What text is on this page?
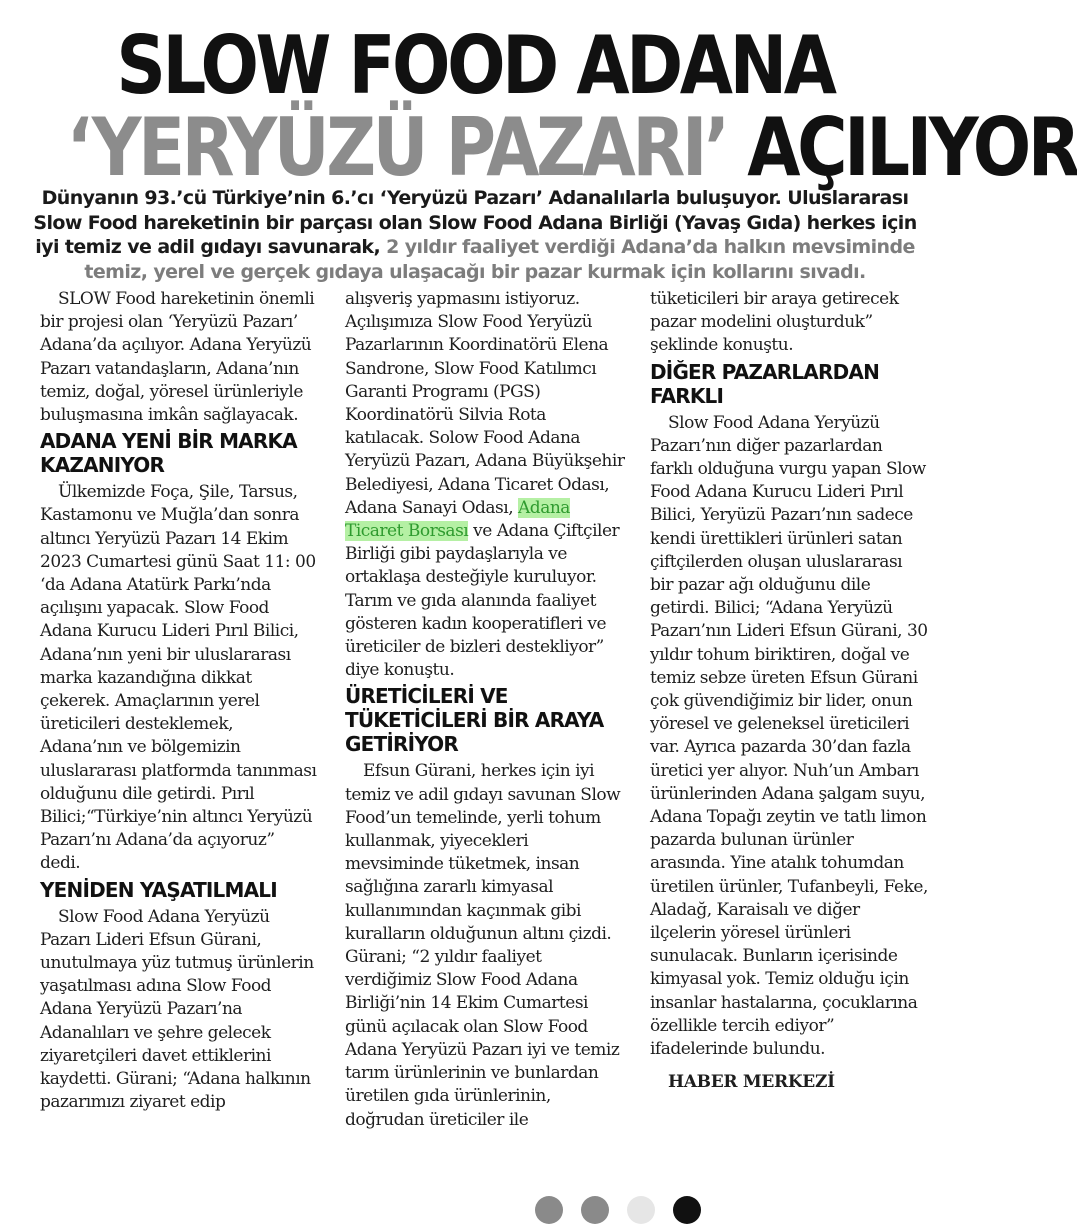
SLOW FOOD ADANA
‘YERYÜZÜ PAZARI’ AÇILIYOR
Dünyanın 93.’cü Türkiye’nin 6.’cı ‘Yeryüzü Pazarı’ Adanalılarla buluşuyor. Uluslararası Slow Food hareketinin bir parçası olan Slow Food Adana Birliği (Yavaş Gıda) herkes için iyi temiz ve adil gıdayı savunarak, 2 yıldır faaliyet verdiği Adana’da halkın mevsiminde temiz, yerel ve gerçek gıdaya ulaşacağı bir pazar kurmak için kollarını sıvadı.

SLOW Food hareketinin önemli bir projesi olan ‘Yeryüzü Pazarı’ Adana’da açılıyor. Adana Yeryüzü Pazarı vatandaşların, Adana’nın temiz, doğal, yöresel ürünleriyle buluşmasına imkân sağlayacak.

ADANA YENİ BİR MARKA KAZANIYOR

Ülkemizde Foça, Şile, Tarsus, Kastamonu ve Muğla’dan sonra altıncı Yeryüzü Pazarı 14 Ekim 2023 Cumartesi günü Saat 11: 00 ‘da Adana Atatürk Parkı’nda açılışını yapacak. Slow Food Adana Kurucu Lideri Pırıl Bilici, Adana’nın yeni bir uluslararası marka kazandığına dikkat çekerek. Amaçlarının yerel üreticileri desteklemek, Adana’nın ve bölgemizin uluslararası platformda tanınması olduğunu dile getirdi. Pırıl Bilici;“Türkiye’nin altıncı Yeryüzü Pazarı’nı Adana’da açıyoruz” dedi.

YENİDEN YAŞATILMALI

Slow Food Adana Yeryüzü Pazarı Lideri Efsun Gürani, unutulmaya yüz tutmuş ürünlerin yaşatılması adına Slow Food Adana Yeryüzü Pazarı’na Adanalıları ve şehre gelecek ziyaretçileri davet ettiklerini kaydetti. Gürani; “Adana halkının pazarımızı ziyaret edip

alışveriş yapmasını istiyoruz. Açılışımıza Slow Food Yeryüzü Pazarlarının Koordinatörü Elena Sandrone, Slow Food Katılımcı Garanti Programı (PGS) Koordinatörü Silvia Rota katılacak. Solow Food Adana Yeryüzü Pazarı, Adana Büyükşehir Belediyesi, Adana Ticaret Odası, Adana Sanayi Odası, Adana Ticaret Borsası ve Adana Çiftçiler Birliği gibi paydaşlarıyla ve ortaklaşa desteğiyle kuruluyor. Tarım ve gıda alanında faaliyet gösteren kadın kooperatifleri ve üreticiler de bizleri destekliyor” diye konuştu.

ÜRETİCİLERİ VE TÜKETİCİLERİ BİR ARAYA GETİRİYOR

Efsun Gürani, herkes için iyi temiz ve adil gıdayı savunan Slow Food’un temelinde, yerli tohum kullanmak, yiyecekleri mevsiminde tüketmek, insan sağlığına zararlı kimyasal kullanımından kaçınmak gibi kuralların olduğunun altını çizdi. Gürani; “2 yıldır faaliyet verdiğimiz Slow Food Adana Birliği’nin 14 Ekim Cumartesi günü açılacak olan Slow Food Adana Yeryüzü Pazarı iyi ve temiz tarım ürünlerinin ve bunlardan üretilen gıda ürünlerinin, doğrudan üreticiler ile

tüketicileri bir araya getirecek pazar modelini oluşturduk” şeklinde konuştu.

DİĞER PAZARLARDAN FARKLI

Slow Food Adana Yeryüzü Pazarı’nın diğer pazarlardan farklı olduğuna vurgu yapan Slow Food Adana Kurucu Lideri Pırıl Bilici, Yeryüzü Pazarı’nın sadece kendi ürettikleri ürünleri satan çiftçilerden oluşan uluslararası bir pazar ağı olduğunu dile getirdi. Bilici; “Adana Yeryüzü Pazarı’nın Lideri Efsun Gürani, 30 yıldır tohum biriktiren, doğal ve temiz sebze üreten Efsun Gürani çok güvendiğimiz bir lider, onun yöresel ve geleneksel üreticileri var. Ayrıca pazarda 30’dan fazla üretici yer alıyor. Nuh’un Ambarı ürünlerinden Adana şalgam suyu, Adana Topağı zeytin ve tatlı limon pazarda bulunan ürünler arasında. Yine atalık tohumdan üretilen ürünler, Tufanbeyli, Feke, Aladağ, Karaisalı ve diğer ilçelerin yöresel ürünleri sunulacak. Bunların içerisinde kimyasal yok. Temiz olduğu için insanlar hastalarına, çocuklarına özellikle tercih ediyor” ifadelerinde bulundu.

HABER MERKEZİ
